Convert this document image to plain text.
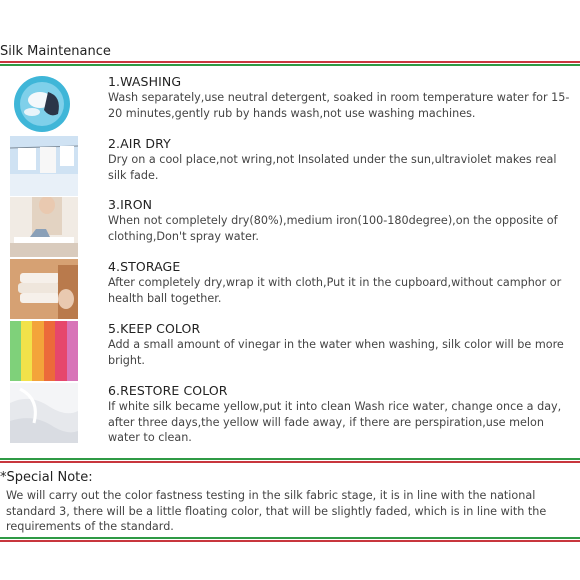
Silk Maintenance
1.WASHING
Wash separately,use neutral detergent, soaked in room temperature water for 15-20 minutes,gently rub by hands wash,not use washing machines.
2.AIR DRY
Dry on a cool place,not wring,not Insolated under the sun,ultraviolet makes real silk fade.
3.IRON
When not completely dry(80%),medium iron(100-180degree),on the opposite of clothing,Don't spray water.
4.STORAGE
After completely dry,wrap it with cloth,Put it in the cupboard,without camphor or health ball together.
5.KEEP COLOR
Add a small amount of vinegar in the water when washing, silk color will be more bright.
6.RESTORE COLOR
If white silk became yellow,put it into clean Wash rice water, change once a day, after three days,the yellow will fade away, if there are perspiration,use melon water to clean.
*Special Note:
We will carry out the color fastness testing in the silk fabric stage, it is in line with the national standard 3, there will be a little floating color, that will be slightly faded, which is in line with the requirements of the standard.
